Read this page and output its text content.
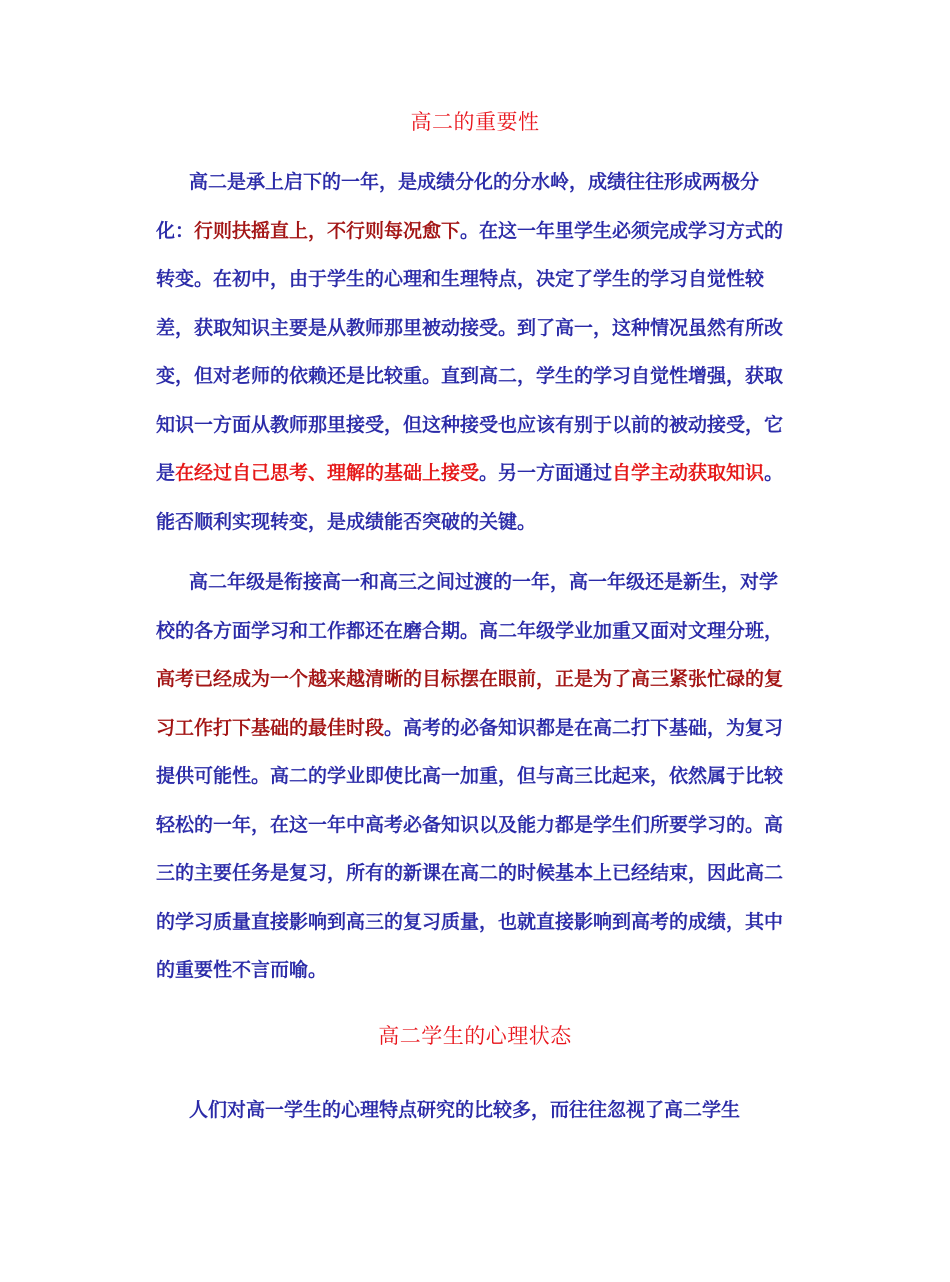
高二的重要性

高二是承上启下的一年，是成绩分化的分水岭，成绩往往形成两极分化：行则扶摇直上，不行则每况愈下。在这一年里学生必须完成学习方式的转变。在初中，由于学生的心理和生理特点，决定了学生的学习自觉性较差，获取知识主要是从教师那里被动接受。到了高一，这种情况虽然有所改变，但对老师的依赖还是比较重。直到高二，学生的学习自觉性增强，获取知识一方面从教师那里接受，但这种接受也应该有别于以前的被动接受，它是在经过自己思考、理解的基础上接受。另一方面通过自学主动获取知识。能否顺利实现转变，是成绩能否突破的关键。

高二年级是衔接高一和高三之间过渡的一年，高一年级还是新生，对学校的各方面学习和工作都还在磨合期。高二年级学业加重又面对文理分班，高考已经成为一个越来越清晰的目标摆在眼前，正是为了高三紧张忙碌的复习工作打下基础的最佳时段。高考的必备知识都是在高二打下基础，为复习提供可能性。高二的学业即使比高一加重，但与高三比起来，依然属于比较轻松的一年，在这一年中高考必备知识以及能力都是学生们所要学习的。高三的主要任务是复习，所有的新课在高二的时候基本上已经结束，因此高二的学习质量直接影响到高三的复习质量，也就直接影响到高考的成绩，其中的重要性不言而喻。

高二学生的心理状态

人们对高一学生的心理特点研究的比较多，而往往忽视了高二学生
